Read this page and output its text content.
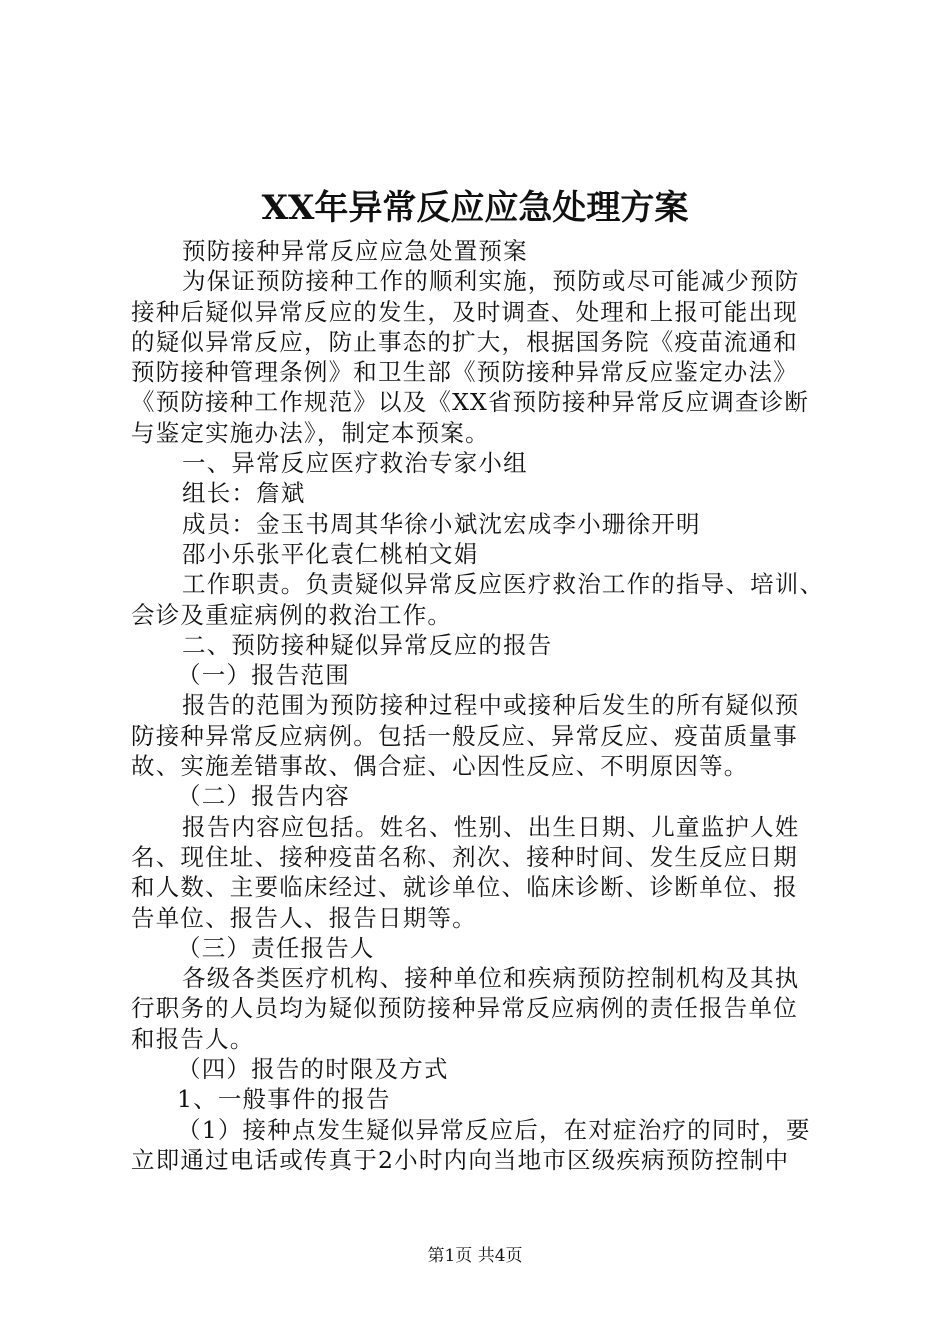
XX年异常反应应急处理方案
预防接种异常反应应急处置预案
为保证预防接种工作的顺利实施，预防或尽可能减少预防
接种后疑似异常反应的发生，及时调查、处理和上报可能出现
的疑似异常反应，防止事态的扩大，根据国务院《疫苗流通和
预防接种管理条例》和卫生部《预防接种异常反应鉴定办法》
《预防接种工作规范》以及《XX省预防接种异常反应调查诊断
与鉴定实施办法》，制定本预案。
一、异常反应医疗救治专家小组
组长：詹斌
成员：金玉书周其华徐小斌沈宏成李小珊徐开明
邵小乐张平化袁仁桃柏文娟
工作职责。负责疑似异常反应医疗救治工作的指导、培训、
会诊及重症病例的救治工作。
二、预防接种疑似异常反应的报告
（一）报告范围
报告的范围为预防接种过程中或接种后发生的所有疑似预
防接种异常反应病例。包括一般反应、异常反应、疫苗质量事
故、实施差错事故、偶合症、心因性反应、不明原因等。
（二）报告内容
报告内容应包括。姓名、性别、出生日期、儿童监护人姓
名、现住址、接种疫苗名称、剂次、接种时间、发生反应日期
和人数、主要临床经过、就诊单位、临床诊断、诊断单位、报
告单位、报告人、报告日期等。
（三）责任报告人
各级各类医疗机构、接种单位和疾病预防控制机构及其执
行职务的人员均为疑似预防接种异常反应病例的责任报告单位
和报告人。
（四）报告的时限及方式
1、一般事件的报告
（1）接种点发生疑似异常反应后，在对症治疗的同时，要
立即通过电话或传真于2小时内向当地市区级疾病预防控制中
第1页 共4页
